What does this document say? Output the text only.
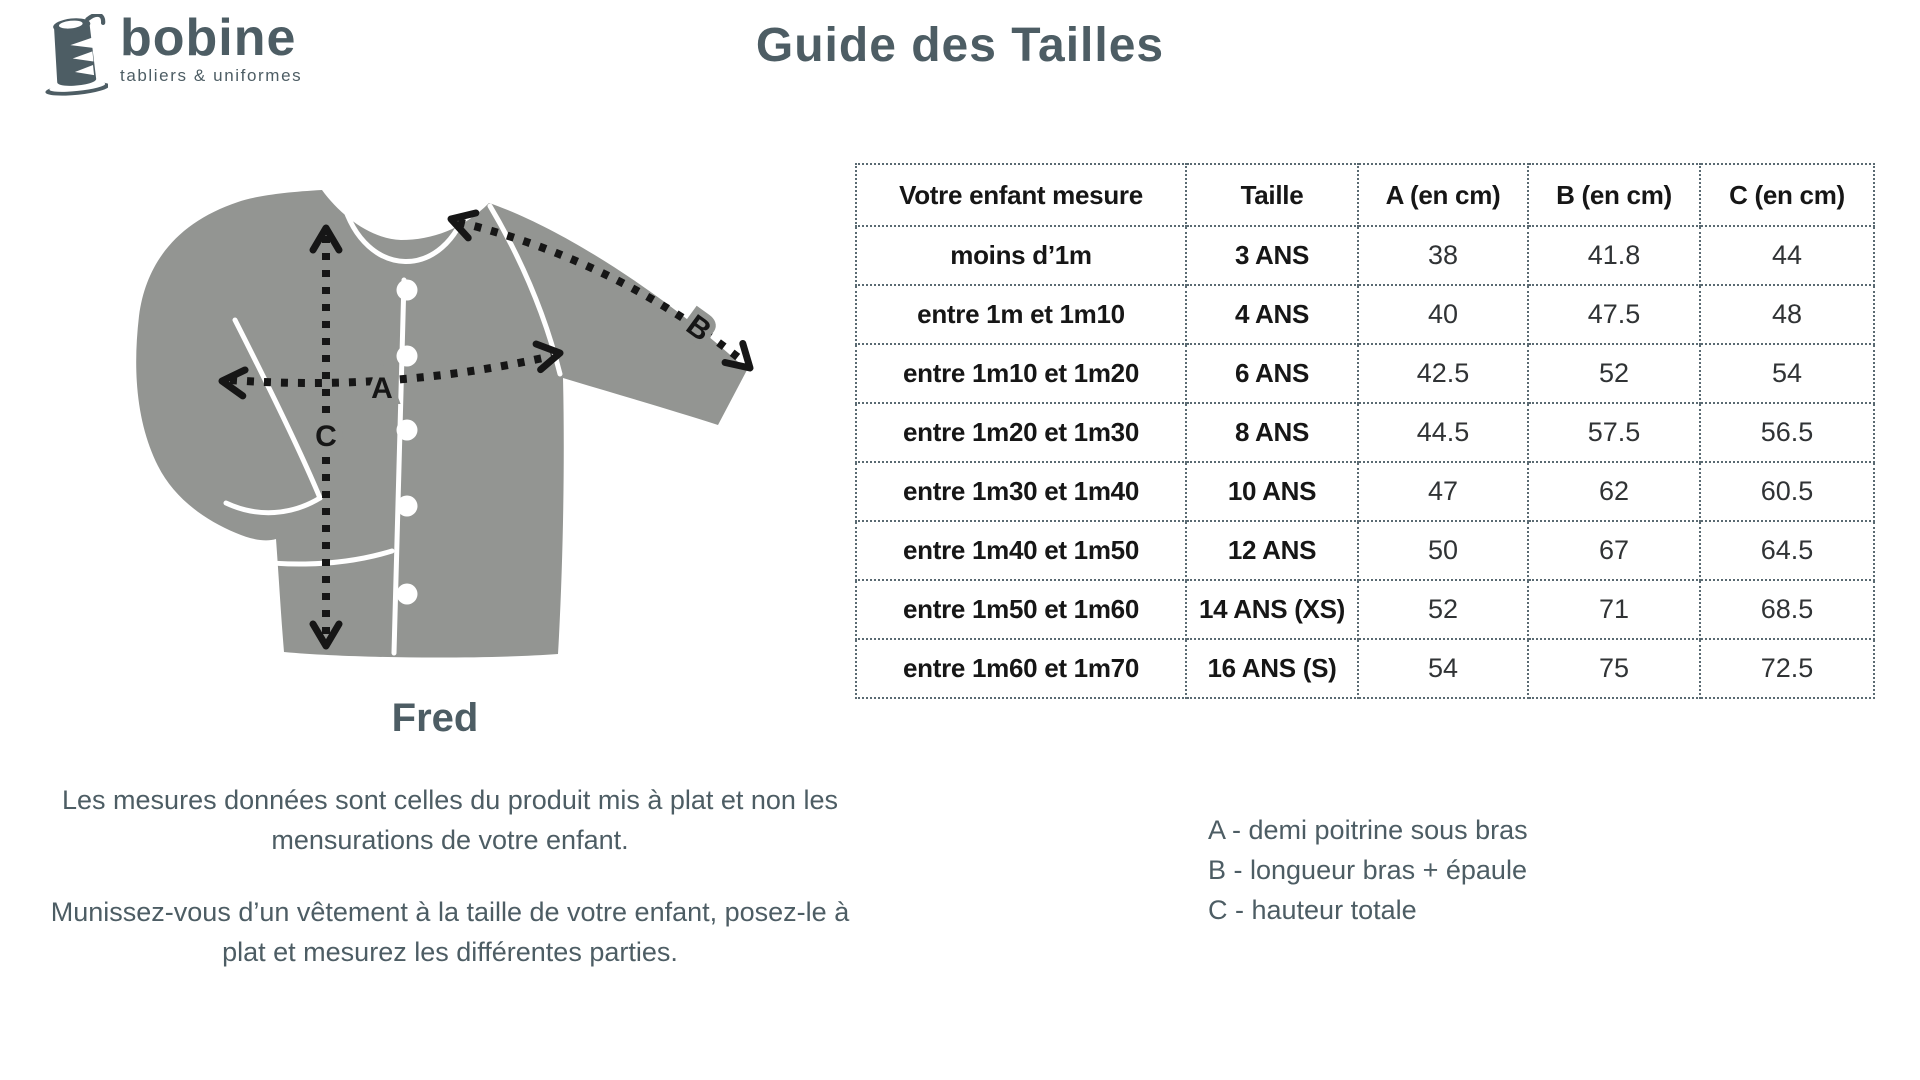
bobine
tabliers & uniformes
Guide des Tailles
A
B
C
Fred
Les mesures données sont celles du produit mis à plat et non les mensurations de votre enfant.
Munissez-vous d’un vêtement à la taille de votre enfant, posez-le à plat et mesurez les différentes parties.
A - demi poitrine sous bras
B - longueur bras + épaule
C - hauteur totale
Votre enfant mesure	Taille	A (en cm)	B (en cm)	C (en cm)
moins d’1m	3 ANS	38	41.8	44
entre 1m et 1m10	4 ANS	40	47.5	48
entre 1m10 et 1m20	6 ANS	42.5	52	54
entre 1m20 et 1m30	8 ANS	44.5	57.5	56.5
entre 1m30 et 1m40	10 ANS	47	62	60.5
entre 1m40 et 1m50	12 ANS	50	67	64.5
entre 1m50 et 1m60	14 ANS (XS)	52	71	68.5
entre 1m60 et 1m70	16 ANS (S)	54	75	72.5
